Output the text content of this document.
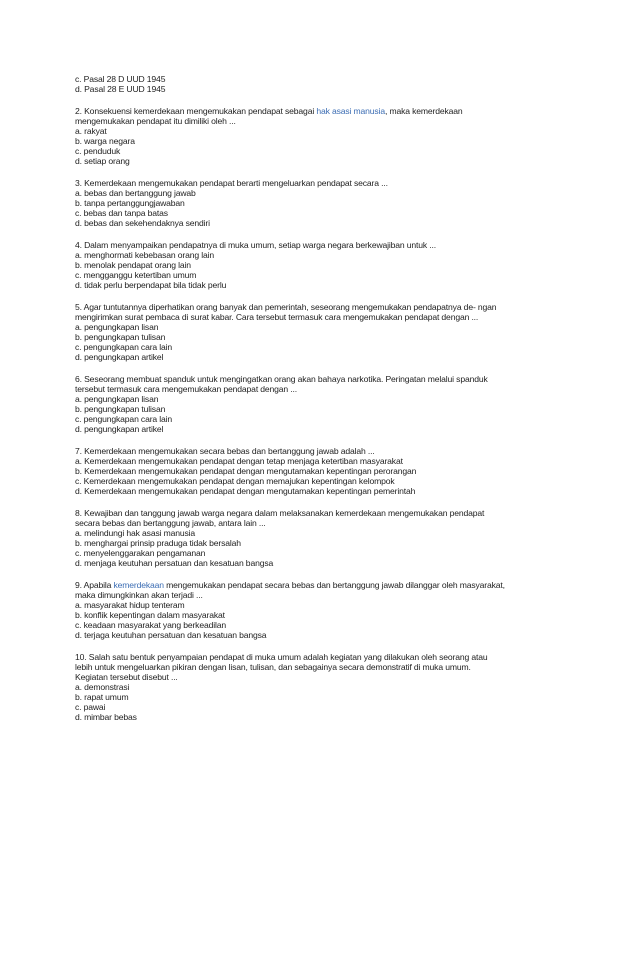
c. Pasal 28 D UUD 1945
d. Pasal 28 E UUD 1945
2. Konsekuensi kemerdekaan mengemukakan pendapat sebagai hak asasi manusia, maka kemerdekaan
mengemukakan pendapat itu dimiliki oleh ...
a. rakyat
b. warga negara
c. penduduk
d. setiap orang
3. Kemerdekaan mengemukakan pendapat berarti mengeluarkan pendapat secara ...
a. bebas dan bertanggung jawab
b. tanpa pertanggungjawaban
c. bebas dan tanpa batas
d. bebas dan sekehendaknya sendiri
4. Dalam menyampaikan pendapatnya di muka umum, setiap warga negara berkewajiban untuk ...
a. menghormati kebebasan orang lain
b. menolak pendapat orang lain
c. mengganggu ketertiban umum
d. tidak perlu berpendapat bila tidak perlu
5. Agar tuntutannya diperhatikan orang banyak dan pemerintah, seseorang mengemukakan pendapatnya de- ngan
mengirimkan surat pembaca di surat kabar. Cara tersebut termasuk cara mengemukakan pendapat dengan ...
a. pengungkapan lisan
b. pengungkapan tulisan
c. pengungkapan cara lain
d. pengungkapan artikel
6. Seseorang membuat spanduk untuk mengingatkan orang akan bahaya narkotika. Peringatan melalui spanduk
tersebut termasuk cara mengemukakan pendapat dengan ...
a. pengungkapan lisan
b. pengungkapan tulisan
c. pengungkapan cara lain
d. pengungkapan artikel
7. Kemerdekaan mengemukakan secara bebas dan bertanggung jawab adalah ...
a. Kemerdekaan mengemukakan pendapat dengan tetap menjaga ketertiban masyarakat
b. Kemerdekaan mengemukakan pendapat dengan mengutamakan kepentingan perorangan
c. Kemerdekaan mengemukakan pendapat dengan memajukan kepentingan kelompok
d. Kemerdekaan mengemukakan pendapat dengan mengutamakan kepentingan pemerintah
8. Kewajiban dan tanggung jawab warga negara dalam melaksanakan kemerdekaan mengemukakan pendapat
secara bebas dan bertanggung jawab, antara lain ...
a. melindungi hak asasi manusia
b. menghargai prinsip praduga tidak bersalah
c. menyelenggarakan pengamanan
d. menjaga keutuhan persatuan dan kesatuan bangsa
9. Apabila kemerdekaan mengemukakan pendapat secara bebas dan bertanggung jawab dilanggar oleh masyarakat,
maka dimungkinkan akan terjadi ...
a. masyarakat hidup tenteram
b. konflik kepentingan dalam masyarakat
c. keadaan masyarakat yang berkeadilan
d. terjaga keutuhan persatuan dan kesatuan bangsa
10. Salah satu bentuk penyampaian pendapat di muka umum adalah kegiatan yang dilakukan oleh seorang atau
lebih untuk mengeluarkan pikiran dengan lisan, tulisan, dan sebagainya secara demonstratif di muka umum.
Kegiatan tersebut disebut ...
a. demonstrasi
b. rapat umum
c. pawai
d. mimbar bebas
